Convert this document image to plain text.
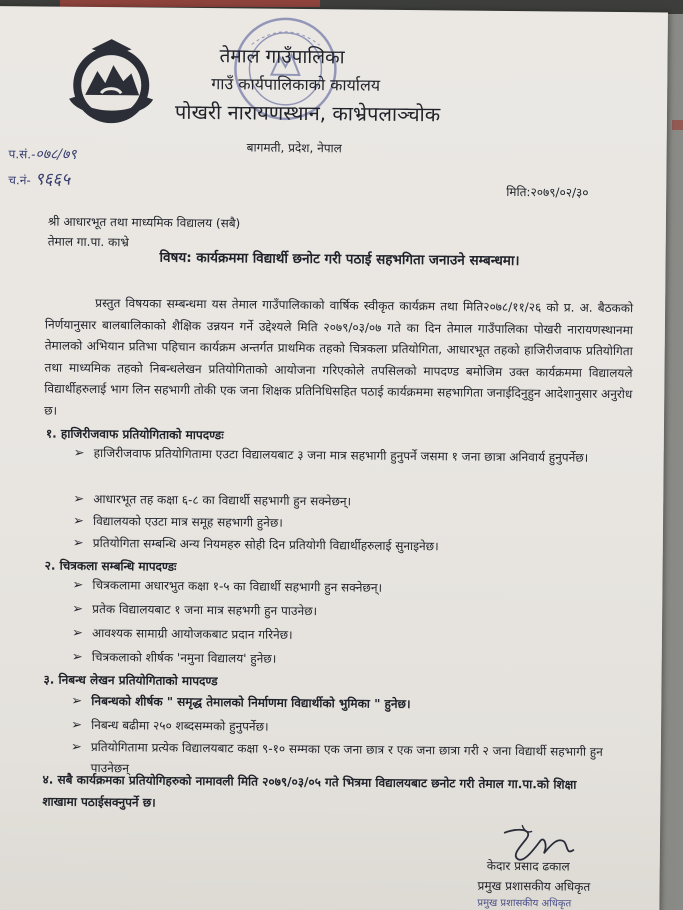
तेमाल गाउँपालिका
गाउँ कार्यपालिकाको कार्यालय
पोखरी नारायणस्थान, काभ्रेपलाञ्चोक
बागमती, प्रदेश, नेपाल
प.सं.-०७८/७९
च.नं- ९६६५
मिति:२०७९/०२/३०
श्री आधारभूत तथा माध्यमिक विद्यालय (सबै)
तेमाल गा.पा. काभ्रे
विषय: कार्यक्रममा विद्यार्थी छनोट गरी पठाई सहभगिता जनाउने सम्बन्धमा।
प्रस्तुत विषयका सम्बन्धमा यस तेमाल गाउँपालिकाको वार्षिक स्वीकृत कार्यक्रम तथा मिति२०७८/११/२६ को प्र. अ. बैठकको निर्णयानुसार बालबालिकाको शैक्षिक उन्नयन गर्ने उद्देश्यले मिति २०७९/०३/०७ गते का दिन तेमाल गाउँपालिका पोखरी नारायणस्थानमा तेमालको अभियान प्रतिभा पहिचान कार्यक्रम अन्तर्गत प्राथमिक तहको चित्रकला प्रतियोगिता, आधारभूत तहको हाजिरीजवाफ प्रतियोगिता तथा माध्यमिक तहको निबन्धलेखन प्रतियोगिताको आयोजना गरिएकोले तपसिलको मापदण्ड बमोजिम उक्त कार्यक्रममा विद्यालयले विद्यार्थीहरुलाई भाग लिन सहभागी तोकी एक जना शिक्षक प्रतिनिधिसहित पठाई कार्यक्रममा सहभागिता जनाईदिनुहुन आदेशानुसार अनुरोध छ।
१. हाजिरीजवाफ प्रतियोगिताको मापदण्डः
➢ हाजिरीजवाफ प्रतियोगितामा एउटा विद्यालयबाट ३ जना मात्र सहभागी हुनुपर्ने जसमा १ जना छात्रा अनिवार्य हुनुपर्नेछ।
➢ आधारभूत तह कक्षा ६-८ का विद्यार्थी सहभागी हुन सक्नेछन्।
➢ विद्यालयको एउटा मात्र समूह सहभागी हुनेछ।
➢ प्रतियोगिता सम्बन्धि अन्य नियमहरु सोही दिन प्रतियोगी विद्यार्थीहरुलाई सुनाइनेछ।
२. चित्रकला सम्बन्धि मापदण्डः
➢ चित्रकलामा अधारभुत कक्षा १-५ का विद्यार्थी सहभागी हुन सक्नेछन्।
➢ प्रतेक विद्यालयबाट १ जना मात्र सहभगी हुन पाउनेछ।
➢ आवश्यक सामाग्री आयोजकबाट प्रदान गरिनेछ।
➢ चित्रकलाको शीर्षक 'नमुना विद्यालय' हुनेछ।
३. निबन्ध लेखन प्रतियोगिताको मापदण्ड
➢ निबन्धको शीर्षक " समृद्ध तेमालको निर्माणमा विद्यार्थीको भुमिका " हुनेछ।
➢ निबन्ध बढीमा २५० शब्दसम्मको हुनुपर्नेछ।
➢ प्रतियोगितामा प्रत्येक विद्यालयबाट कक्षा ९-१० सम्मका एक जना छात्र र एक जना छात्रा गरी २ जना विद्यार्थी सहभागी हुन पाउनेछन्
४. सबै कार्यक्रमका प्रतियोगिहरुको नामावली मिति २०७९/०३/०५ गते भित्रमा विद्यालयबाट छनोट गरी तेमाल गा.पा.को शिक्षा शाखामा पठाईसक्नुपर्ने छ।
केदार प्रसाद ढकाल
प्रमुख प्रशासकीय अधिकृत
प्रमुख प्रशासकीय अधिकृत
